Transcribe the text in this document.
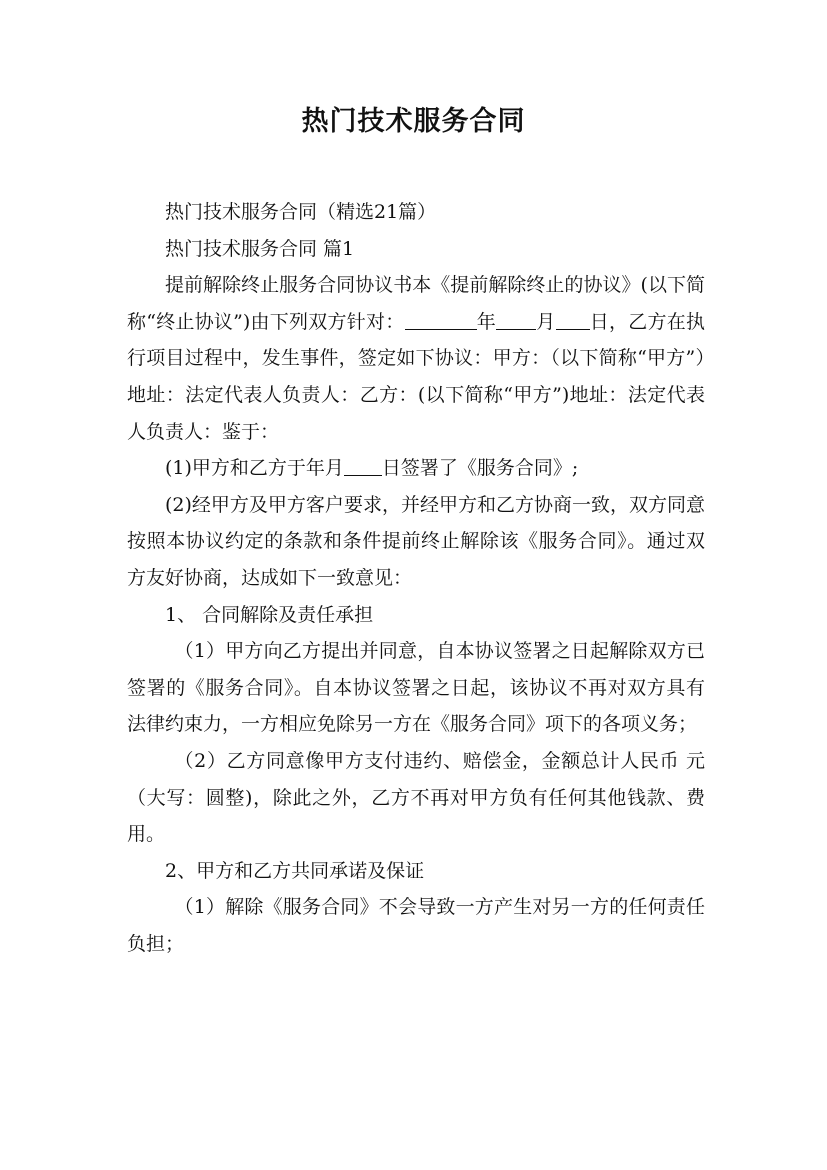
热门技术服务合同

热门技术服务合同（精选21篇）

热门技术服务合同 篇1

提前解除终止服务合同协议书本《提前解除终止的协议》(以下简称“终止协议”)由下列双方针对：	年 月 日，乙方在执行项目过程中，发生事件，签定如下协议：甲方：（以下简称“甲方”）地址：法定代表人负责人：乙方：(以下简称“甲方”)地址：法定代表人负责人：鉴于：

(1)甲方和乙方于年月 日签署了《服务合同》;

(2)经甲方及甲方客户要求，并经甲方和乙方协商一致，双方同意按照本协议约定的条款和条件提前终止解除该《服务合同》。通过双方友好协商，达成如下一致意见：

1、 合同解除及责任承担

（1）甲方向乙方提出并同意，自本协议签署之日起解除双方已签署的《服务合同》。自本协议签署之日起，该协议不再对双方具有法律约束力，一方相应免除另一方在《服务合同》项下的各项义务；

（2）乙方同意像甲方支付违约、赔偿金，金额总计人民币 元（大写：圆整)，除此之外，乙方不再对甲方负有任何其他钱款、费用。

2、甲方和乙方共同承诺及保证

（1）解除《服务合同》不会导致一方产生对另一方的任何责任负担；
